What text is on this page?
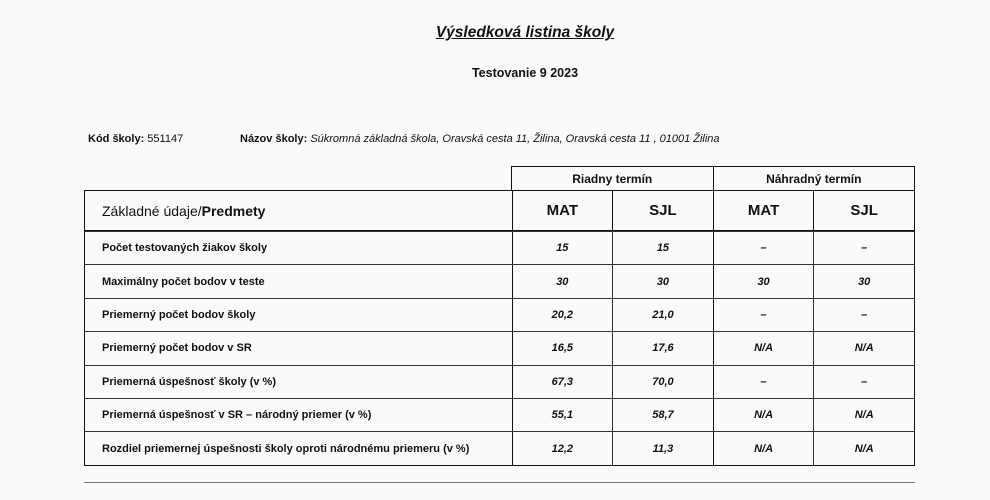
Výsledková listina školy
Testovanie 9 2023
Kód školy: 551147	Názov školy: Súkromná základná škola, Oravská cesta 11, Žilina, Oravská cesta 11 , 01001 Žilina
Riadny termín	Náhradný termín
Základné údaje/ Predmety	MAT	SJL	MAT	SJL
Počet testovaných žiakov školy	15	15	–	–
Maximálny počet bodov v teste	30	30	30	30
Priemerný počet bodov školy	20,2	21,0	–	–
Priemerný počet bodov v SR	16,5	17,6	N/A	N/A
Priemerná úspešnosť školy (v %)	67,3	70,0	–	–
Priemerná úspešnosť v SR – národný priemer (v %)	55,1	58,7	N/A	N/A
Rozdiel priemernej úspešnosti školy oproti národnému priemeru (v %)	12,2	11,3	N/A	N/A
